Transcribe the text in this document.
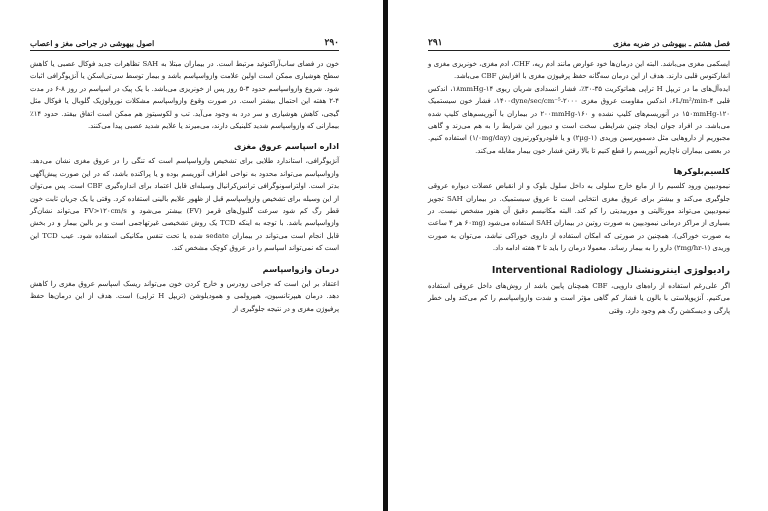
۲۹۰
اصول بیهوشی در جراحی مغز و اعصاب

خون در فضای ساب‌آراکنوئید مرتبط است. در بیماران مبتلا به SAH تظاهرات جدید فوکال عصبی یا کاهش سطح هوشیاری ممکن است اولین علامت وازواسپاسم باشد و بیمار توسط سی‌تی‌اسکن یا آنژیوگرافی اثبات شود. شروع وازواسپاسم حدود ۳-۵ روز پس از خونریزی می‌باشد. با یک پیک در اسپاسم در روز ۸-۶ در مدت ۴-۲ هفته این احتمال بیشتر است. در صورت وقوع وازواسپاسم مشکلات نورولوژیک گلوبال یا فوکال مثل گیجی، کاهش هوشیاری و سر درد به وجود می‌آید. تب و لکوسیتوز هم ممکن است اتفاق بیفتد. حدود ۱۴٪ بیمارانی که وازواسپاسم شدید کلینیکی دارند، می‌میرند یا علایم شدید عصبی پیدا می‌کنند.

اداره اسپاسم عروق مغزی

آنژیوگرافی، استاندارد طلایی برای تشخیص وازواسپاسم است که تنگی را در عروق مغزی نشان می‌دهد. وازواسپاسم می‌تواند محدود به نواحی اطراف آنوریسم بوده و یا پراکنده باشد، که در این صورت پیش‌آگهی بدتر است. اولتراسونوگرافی ترانس‌کرانیال وسیله‌ای قابل اعتماد برای اندازه‌گیری CBF است. پس می‌توان از این وسیله برای تشخیص وازواسپاسم قبل از ظهور علایم بالینی استفاده کرد. وقتی یا یک جریان ثابت خون قطر رگ کم شود سرعت گلبول‌های قرمز (FV) بیشتر می‌شود و FV>۱۲۰cm/s می‌تواند نشان‌گر وازواسپاسم باشد. با توجه به اینکه TCD یک روش تشخیصی غیرتهاجمی است و بر بالین بیمار و در بخش قابل انجام است می‌تواند در بیماران sedate شده یا تحت تنفس مکانیکی استفاده شود. عیب TCD این است که نمی‌تواند اسپاسم را در عروق کوچک مشخص کند.

درمان وازواسپاسم

اعتقاد بر این است که جراحی زودرس و خارج کردن خون می‌تواند ریسک اسپاسم عروق مغزی را کاهش دهد. درمان هیپرتانسیون، هیپرولمی و همودیلوشن (تریپل H تراپی) است. هدف از این درمان‌ها حفظ پرفیوژن مغزی و در نتیجه جلوگیری از

فصل هشتم ـ بیهوشی در ضربه مغزی
۲۹۱

ایسکمی مغزی می‌باشد. البته این درمان‌ها خود عوارض مانند ادم ریه، CHF، ادم مغزی، خونریزی مغزی و انفارکتوس قلبی دارند. هدف از این درمان سه‌گانه حفظ پرفیوژن مغزی با افزایش CBF می‌باشد.

ایده‌آل‌های ما در تریپل H تراپی هماتوکریت ۳۵-۳۰٪، فشار انسدادی شریان ریوی ۱۴-۱۸mmHg، اندکس قلبی ۶L/m²/min-۴، اندکس مقاومت عروق مغزی ۲۰۰۰-۱۴۰۰dyne/sec/cm⁻⁵، فشار خون سیستمیک ۱۲۰-۱۵۰mmHg در آنوریسم‌های کلیپ نشده و ۲۰۰mmHg-۱۶۰ در بیماران با آنوریسم‌های کلیپ شده می‌باشد. در افراد جوان ایجاد چنین شرایطی سخت است و دیورز این شرایط را به هم می‌زند و گاهی مجبوریم از داروهایی مثل دسموپرسین وریدی (۱-۲µg) و یا فلودروکورتیزون (۱/۰mg/day) استفاده کنیم. در بعضی بیماران ناچاریم آنوریسم را قطع کنیم تا بالا رفتن فشار خون بیمار مقابله می‌کند.

کلسیم‌بلوکرها

نیمودیپین ورود کلسیم را از مایع خارج سلولی به داخل سلول بلوک و از انقباض عضلات دیواره عروقی جلوگیری می‌کند و بیشتر برای عروق مغزی انتخابی است تا عروق سیستمیک. در بیماران SAH تجویز نیمودیپین می‌تواند مورتالیتی و موربیدیتی را کم کند. البته مکانیسم دقیق آن هنوز مشخص نیست. در بسیاری از مراکز درمانی نیمودیپین به صورت روتین در بیماران SAH استفاده می‌شود (۶۰mg هر ۴ ساعت به صورت خوراکی). همچنین در صورتی که امکان استفاده از داروی خوراکی نباشد، می‌توان به صورت وریدی (۱-۲mg/hr) دارو را به بیمار رساند. معمولا درمان را باید تا ۳ هفته ادامه داد.

رادیولوژی اینترونشنال Interventional Radiology

اگر علی‌رغم استفاده از راه‌های دارویی، CBF همچنان پایین باشد از روش‌های داخل عروقی استفاده می‌کنیم. آنژیوپلاستی با بالون یا فشار کم گاهی مؤثر است و شدت وازواسپاسم را کم می‌کند ولی خطر پارگی و دیسکشن رگ هم وجود دارد. وقتی
